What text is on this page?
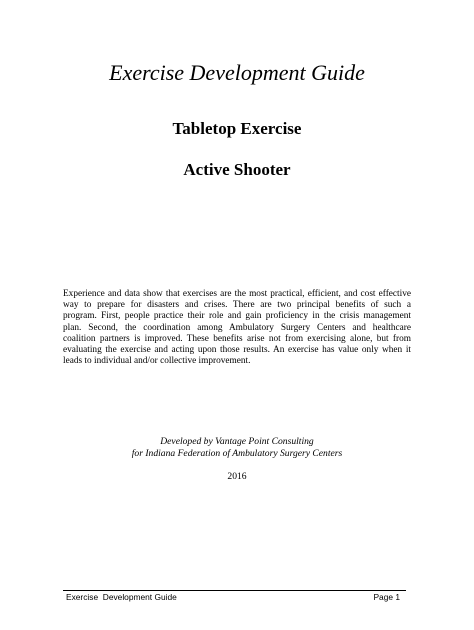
Exercise Development Guide
Tabletop Exercise
Active Shooter
Experience and data show that exercises are the most practical, efficient, and cost effective
way to prepare for disasters and crises. There are two principal benefits of such a
program. First, people practice their role and gain proficiency in the crisis management
plan. Second, the coordination among Ambulatory Surgery Centers and healthcare
coalition partners is improved. These benefits arise not from exercising alone, but from
evaluating the exercise and acting upon those results. An exercise has value only when it
leads to individual and/or collective improvement.
Developed by Vantage Point Consulting
for Indiana Federation of Ambulatory Surgery Centers
2016
Exercise  Development Guide	Page 1
